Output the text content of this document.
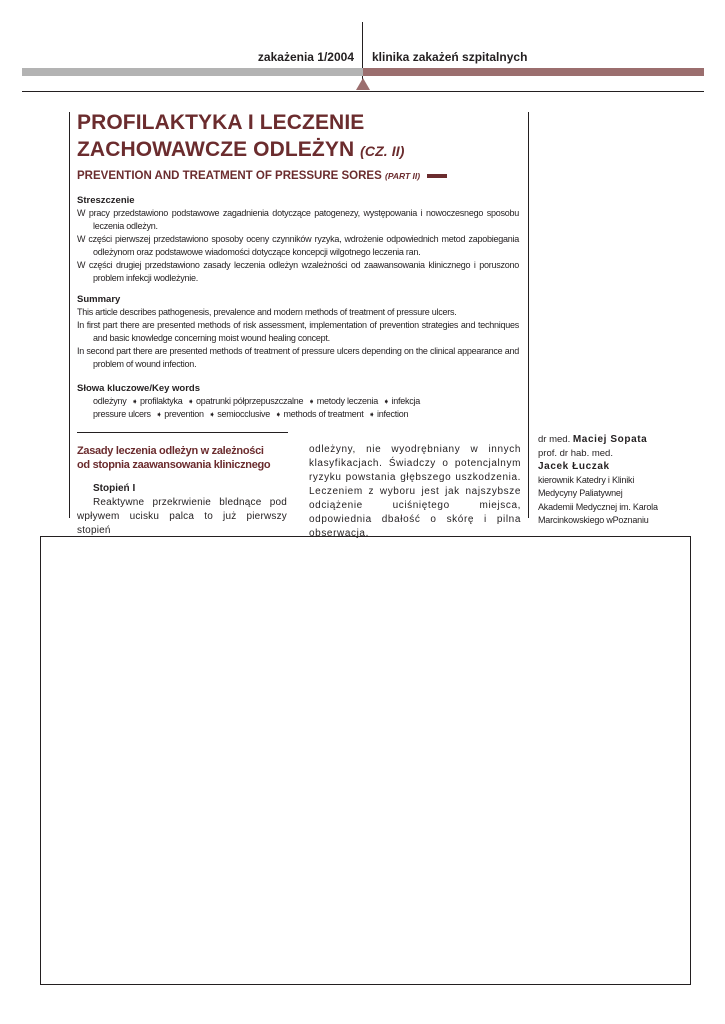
zakażenia 1/2004 klinika zakażeń szpitalnych
PROFILAKTYKA I LECZENIE
ZACHOWAWCZE ODLEŻYN (CZ. II)
PREVENTION AND TREATMENT OF PRESSURE SORES (PART II)
Streszczenie

W pracy przedstawiono podstawowe zagadnienia dotyczące patogenezy, występowania i nowoczesnego sposobu leczenia odleżyn.

W części pierwszej przedstawiono sposoby oceny czynników ryzyka, wdrożenie odpowiednich metod zapobiegania odleżynom oraz podstawowe wiadomości dotyczące koncepcji wilgotnego leczenia ran.

W części drugiej przedstawiono zasady leczenia odleżyn wzależności od zaawansowania klinicznego i poruszono problem infekcji wodleżynie.

Summary

This article describes pathogenesis, prevalence and modern methods of treatment of pressure ulcers.

In first part there are presented methods of risk assessment, implementation of prevention strategies and techniques and basic knowledge concerning moist wound healing concept.

In second part there are presented methods of treatment of pressure ulcers depending on the clinical appearance and problem of wound infection.

Słowa kluczowe/Key words
odleżyny ➧ profilaktyka ➧ opatrunki półprzepuszczalne ➧ metody leczenia ➧ infekcja
pressure ulcers ➧ prevention ➧ semiocclusive ➧ methods of treatment ➧ infection
Zasady leczenia odleżyn w zależności
od stopnia zaawansowania klinicznego
Stopień I
Reaktywne przekrwienie blednące pod wpływem ucisku palca to już pierwszy stopień
odleżyny, nie wyodrębniany w innych klasyfikacjach. Świadczy o potencjalnym ryzyku powstania głębszego uszkodzenia. Leczeniem z wyboru jest jak najszybsze odciążenie uciśniętego miejsca, odpowiednia dbałość o skórę i pilna obserwacja.
dr med. Maciej Sopata
prof. dr hab. med.
Jacek Łuczak
kierownik Katedry i Kliniki
Medycyny Paliatywnej
Akademii Medycznej im. Karola
Marcinkowskiego wPoznaniu
